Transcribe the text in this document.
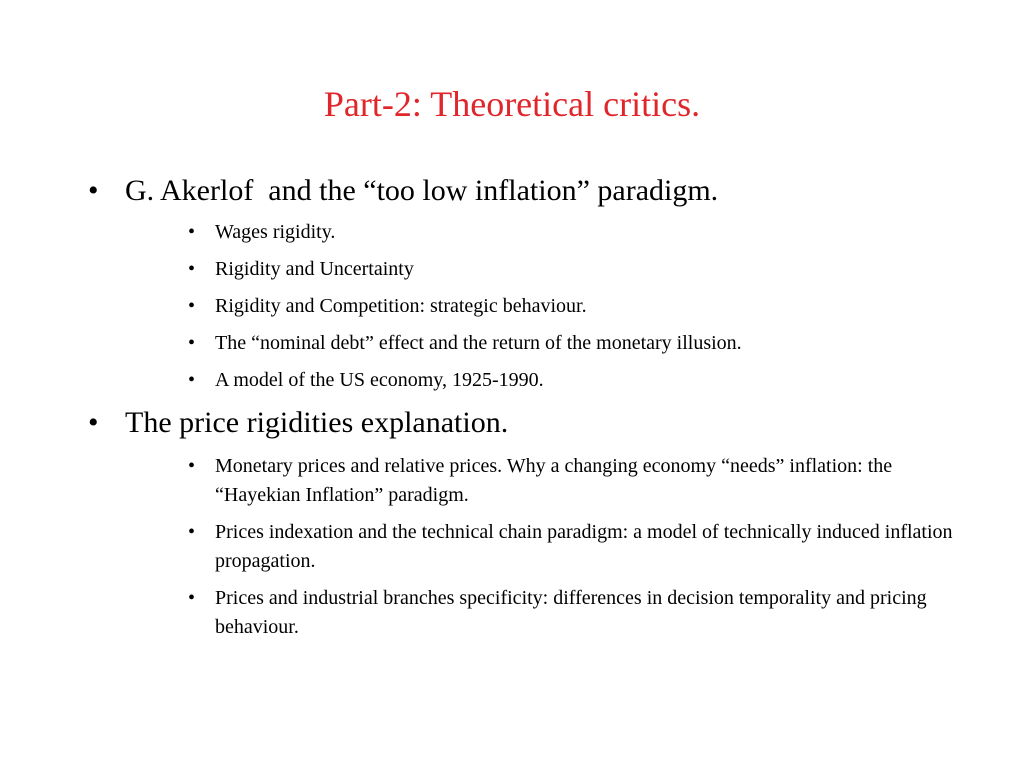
Part-2: Theoretical critics.
• G. Akerlof  and the “too low inflation” paradigm.
• Wages rigidity.
• Rigidity and Uncertainty
• Rigidity and Competition: strategic behaviour.
• The “nominal debt” effect and the return of the monetary illusion.
• A model of the US economy, 1925-1990.
• The price rigidities explanation.
• Monetary prices and relative prices. Why a changing economy “needs” inflation: the “Hayekian Inflation” paradigm.
• Prices indexation and the technical chain paradigm: a model of technically induced inflation propagation.
• Prices and industrial branches specificity: differences in decision temporality and pricing behaviour.
